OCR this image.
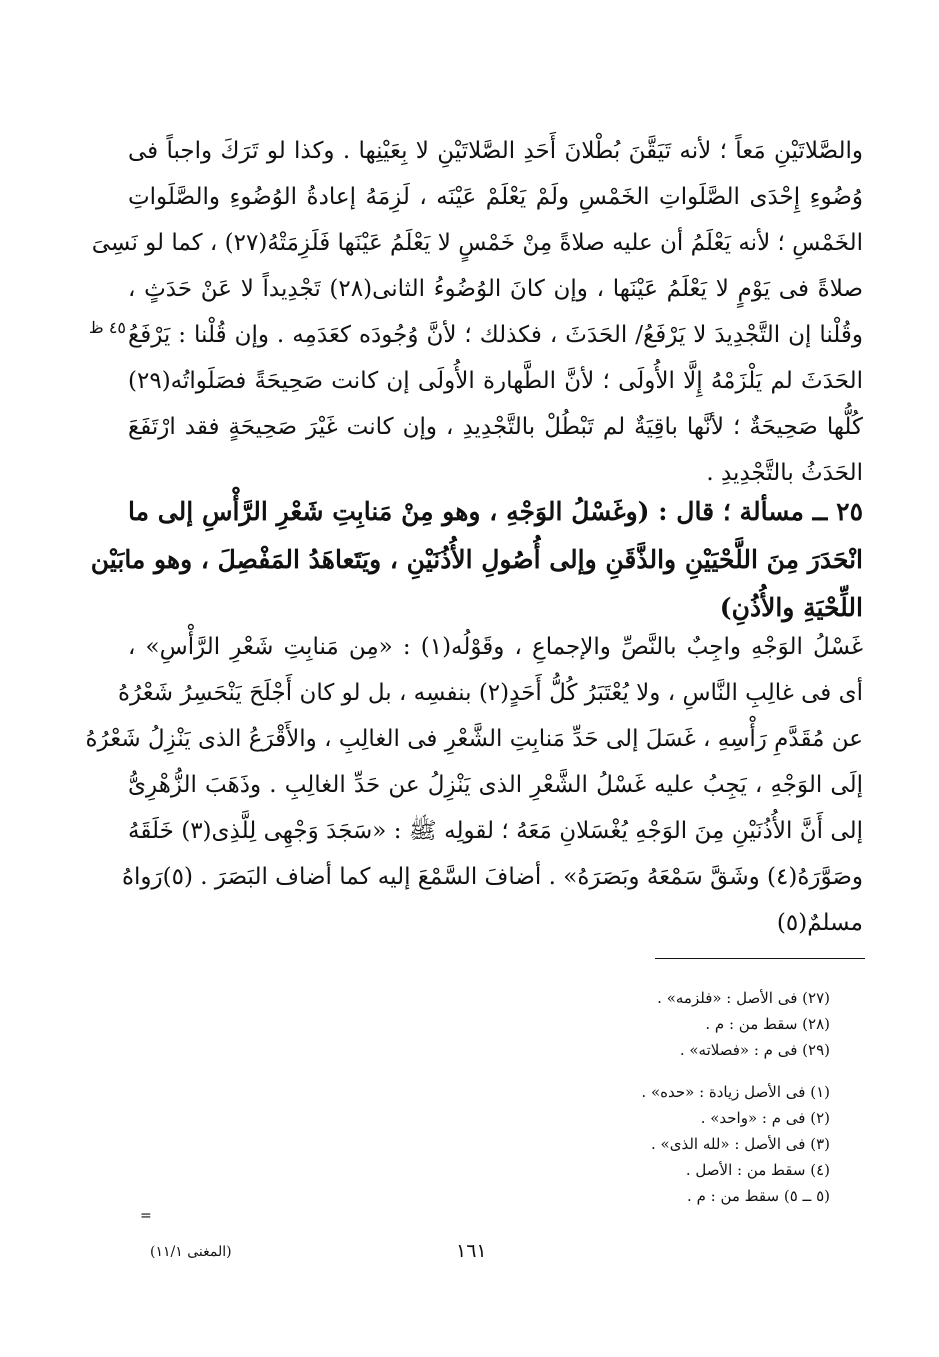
والصَّلاتَيْنِ مَعاً ؛ لأنه تَيَقَّنَ بُطْلانَ أَحَدِ الصَّلاتَيْنِ لا بِعَيْنِها . وكذا لو تَرَكَ واجباً فى
وُضُوءِ إِحْدَى الصَّلَواتِ الخَمْسِ ولَمْ يَعْلَمْ عَيْنَه ، لَزِمَهُ إعادةُ الوُضُوءِ والصَّلَواتِ
الخَمْسِ ؛ لأنه يَعْلَمُ أن عليه صلاةً مِنْ خَمْسٍ لا يَعْلَمُ عَيْنَها فَلَزِمَتْهُ(٢٧) ، كما لو نَسِىَ
صلاةً فى يَوْمٍ لا يَعْلَمُ عَيْنَها ، وإن كانَ الوُضُوءُ الثانى(٢٨) تَجْدِيداً لا عَنْ حَدَثٍ ،
وقُلْنا إن التَّجْدِيدَ لا يَرْفَعُ/ الحَدَثَ ، فكذلك ؛ لأنَّ وُجُودَه كعَدَمِه . وإن قُلْنا : يَرْفَعُ
الحَدَثَ لم يَلْزَمْهُ إِلَّا الأُولَى ؛ لأنَّ الطَّهارة الأُولَى إن كانت صَحِيحَةً فصَلَواتُه(٢٩)
كُلُّها صَحِيحَةٌ ؛ لأنَّها باقِيَةٌ لم تَبْطُلْ بالتَّجْدِيدِ ، وإن كانت غَيْرَ صَحِيحَةٍ فقد ارْتَفَعَ
الحَدَثُ بالتَّجْدِيدِ .
٤٥ ظ
٢٥ ــ مسألة ؛ قال : (وغَسْلُ الوَجْهِ ، وهو مِنْ مَنابِتِ شَعْرِ الرَّأْسِ إلى ما
انْحَدَرَ مِنَ اللَّحْيَيْنِ والذَّقَنِ وإلى أُصُولِ الأُذُنَيْنِ ، ويَتَعاهَدُ المَفْصِلَ ، وهو مابَيْن
اللِّحْيَةِ والأُذُنِ)
غَسْلُ الوَجْهِ واجِبٌ بالنَّصِّ والإجماعِ ، وقَوْلُه(١) : «مِن مَنابِتِ شَعْرِ الرَّأْسِ» ،
أى فى غالِبِ النَّاسِ ، ولا يُعْتَبَرُ كُلُّ أَحَدٍ(٢) بنفسِه ، بل لو كان أَجْلَحَ يَنْحَسِرُ شَعْرُهُ
عن مُقَدَّمِ رَأْسِهِ ، غَسَلَ إلى حَدِّ مَنابِتِ الشَّعْرِ فى الغالِبِ ، والأَقْرَعُ الذى يَنْزِلُ شَعْرُهُ
إلَى الوَجْهِ ، يَجِبُ عليه غَسْلُ الشَّعْرِ الذى يَنْزِلُ عن حَدِّ الغالِبِ . وذَهَبَ الزُّهْرِىُّ
إلى أَنَّ الأُذُنَيْنِ مِنَ الوَجْهِ يُغْسَلانِ مَعَهُ ؛ لقولِه ﷺ : «سَجَدَ وَجْهِى لِلَّذِى(٣) خَلَقَهُ
وصَوَّرَهُ(٤) وشَقَّ سَمْعَهُ وبَصَرَهُ» . أضافَ السَّمْعَ إليه كما أضاف البَصَرَ . (٥)رَواهُ
مسلمٌ(٥)
(٢٧) فى الأصل : «فلزمه» .
(٢٨) سقط من : م .
(٢٩) فى م : «فصلاته» .
(١) فى الأصل زيادة : «حده» .
(٢) فى م : «واحد» .
(٣) فى الأصل : «لله الذى» .
(٤) سقط من : الأصل .
(٥ ــ ٥) سقط من : م .
=
١٦١
(المغنى ١١/١)
